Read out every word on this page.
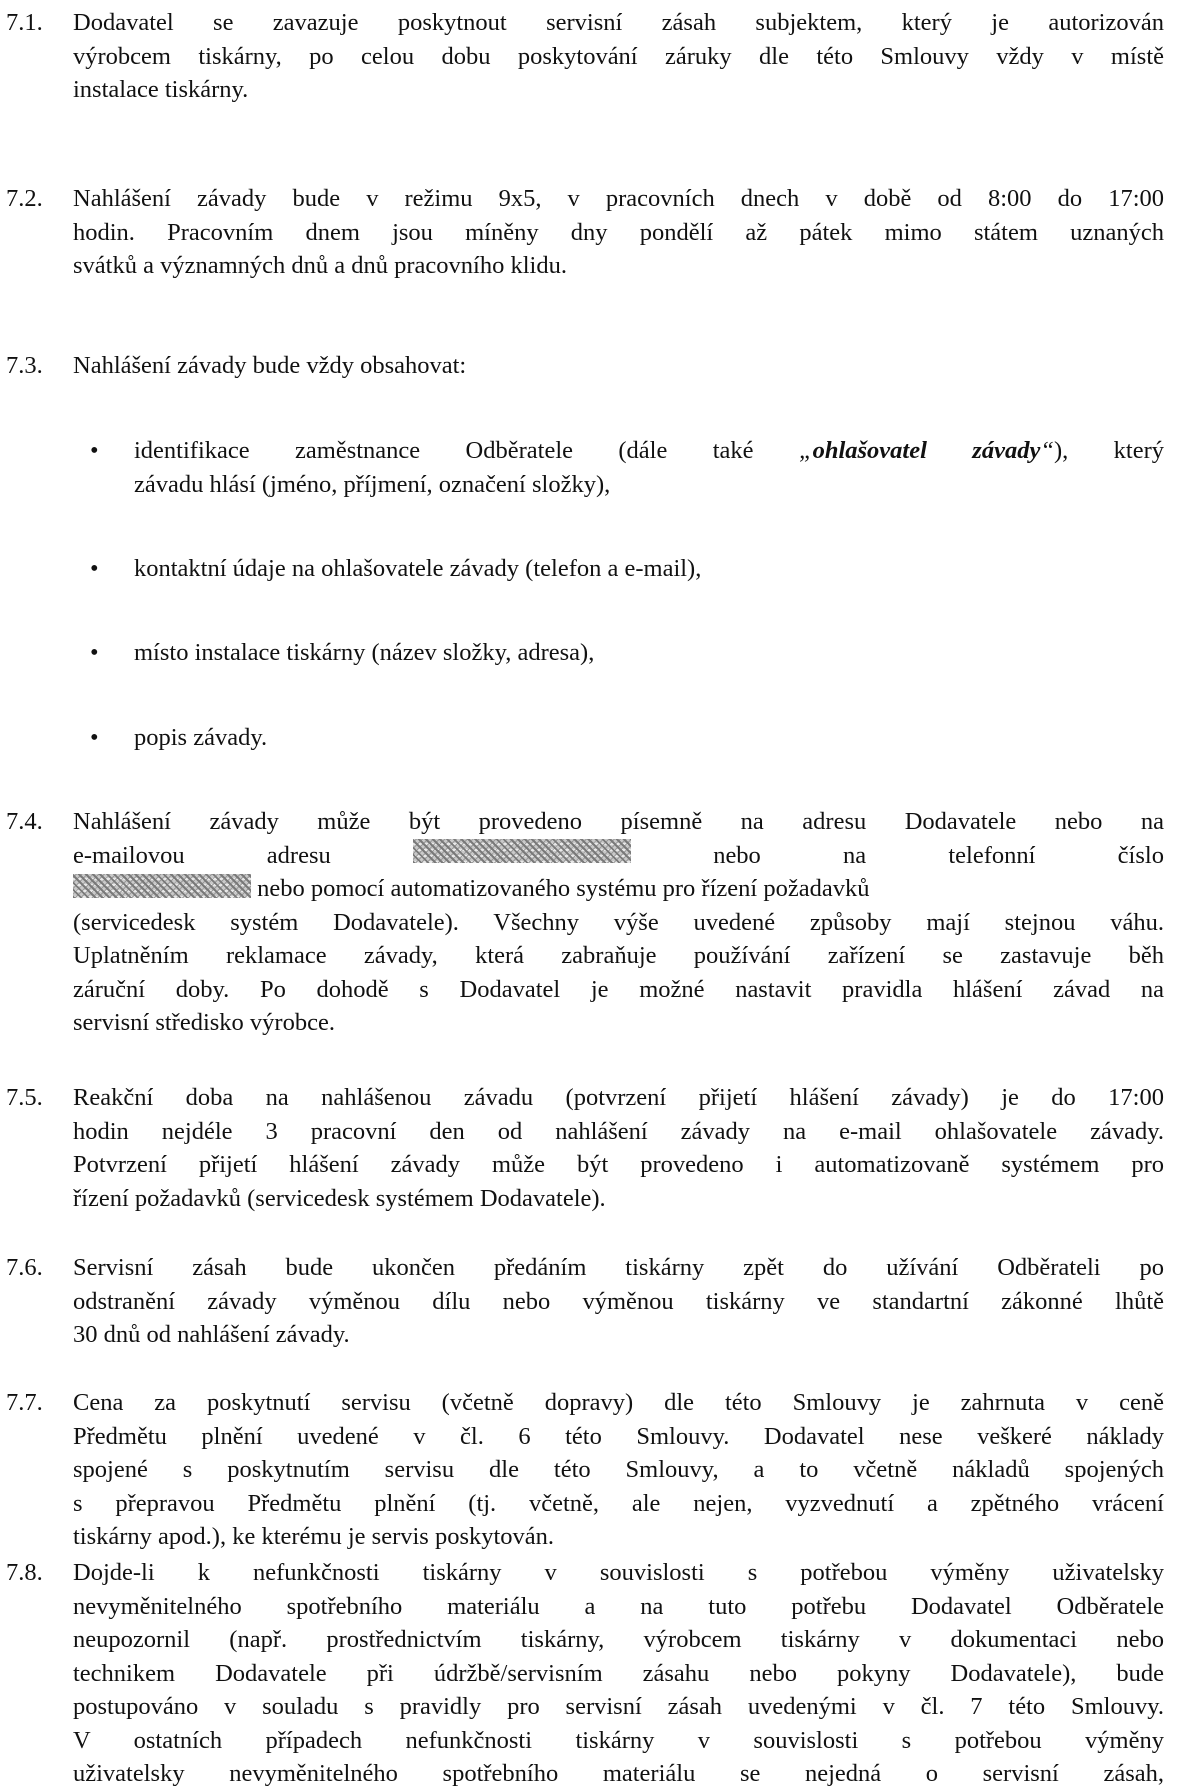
7.1. Dodavatel se zavazuje poskytnout servisní zásah subjektem, který je autorizován
výrobcem tiskárny, po celou dobu poskytování záruky dle této Smlouvy vždy v místě
instalace tiskárny.
7.2. Nahlášení závady bude v režimu 9x5, v pracovních dnech v době od 8:00 do 17:00
hodin. Pracovním dnem jsou míněny dny pondělí až pátek mimo státem uznaných
svátků a významných dnů a dnů pracovního klidu.
7.3. Nahlášení závady bude vždy obsahovat:
• identifikace zaměstnance Odběratele (dále také „ohlašovatel závady“), který
závadu hlásí (jméno, příjmení, označení složky),
• kontaktní údaje na ohlašovatele závady (telefon a e-mail),
• místo instalace tiskárny (název složky, adresa),
• popis závady.
7.4. Nahlášení závady může být provedeno písemně na adresu Dodavatele nebo na
e-mailovou	adresu	nebo	na	telefonní	číslo
nebo pomocí automatizovaného systému pro řízení požadavků
(servicedesk systém Dodavatele). Všechny výše uvedené způsoby mají stejnou váhu.
Uplatněním reklamace závady, která zabraňuje používání zařízení se zastavuje běh
záruční doby. Po dohodě s Dodavatel je možné nastavit pravidla hlášení závad na
servisní středisko výrobce.
7.5. Reakční doba na nahlášenou závadu (potvrzení přijetí hlášení závady) je do 17:00
hodin nejdéle 3 pracovní den od nahlášení závady na e-mail ohlašovatele závady.
Potvrzení přijetí hlášení závady může být provedeno i automatizovaně systémem pro
řízení požadavků (servicedesk systémem Dodavatele).
7.6. Servisní zásah bude ukončen předáním tiskárny zpět do užívání Odběrateli po
odstranění závady výměnou dílu nebo výměnou tiskárny ve standartní zákonné lhůtě
30 dnů od nahlášení závady.
7.7. Cena za poskytnutí servisu (včetně dopravy) dle této Smlouvy je zahrnuta v ceně
Předmětu plnění uvedené v čl. 6 této Smlouvy. Dodavatel nese veškeré náklady
spojené s poskytnutím servisu dle této Smlouvy, a to včetně nákladů spojených
s přepravou Předmětu plnění (tj. včetně, ale nejen, vyzvednutí a zpětného vrácení
tiskárny apod.), ke kterému je servis poskytován.
7.8. Dojde-li k nefunkčnosti tiskárny v souvislosti s potřebou výměny uživatelsky
nevyměnitelného spotřebního materiálu a na tuto potřebu Dodavatel Odběratele
neupozornil (např. prostřednictvím tiskárny, výrobcem tiskárny v dokumentaci nebo
technikem Dodavatele při údržbě/servisním zásahu nebo pokyny Dodavatele), bude
postupováno v souladu s pravidly pro servisní zásah uvedenými v čl. 7 této Smlouvy.
V ostatních případech nefunkčnosti tiskárny v souvislosti s potřebou výměny
uživatelsky nevyměnitelného spotřebního materiálu se nejedná o servisní zásah,
